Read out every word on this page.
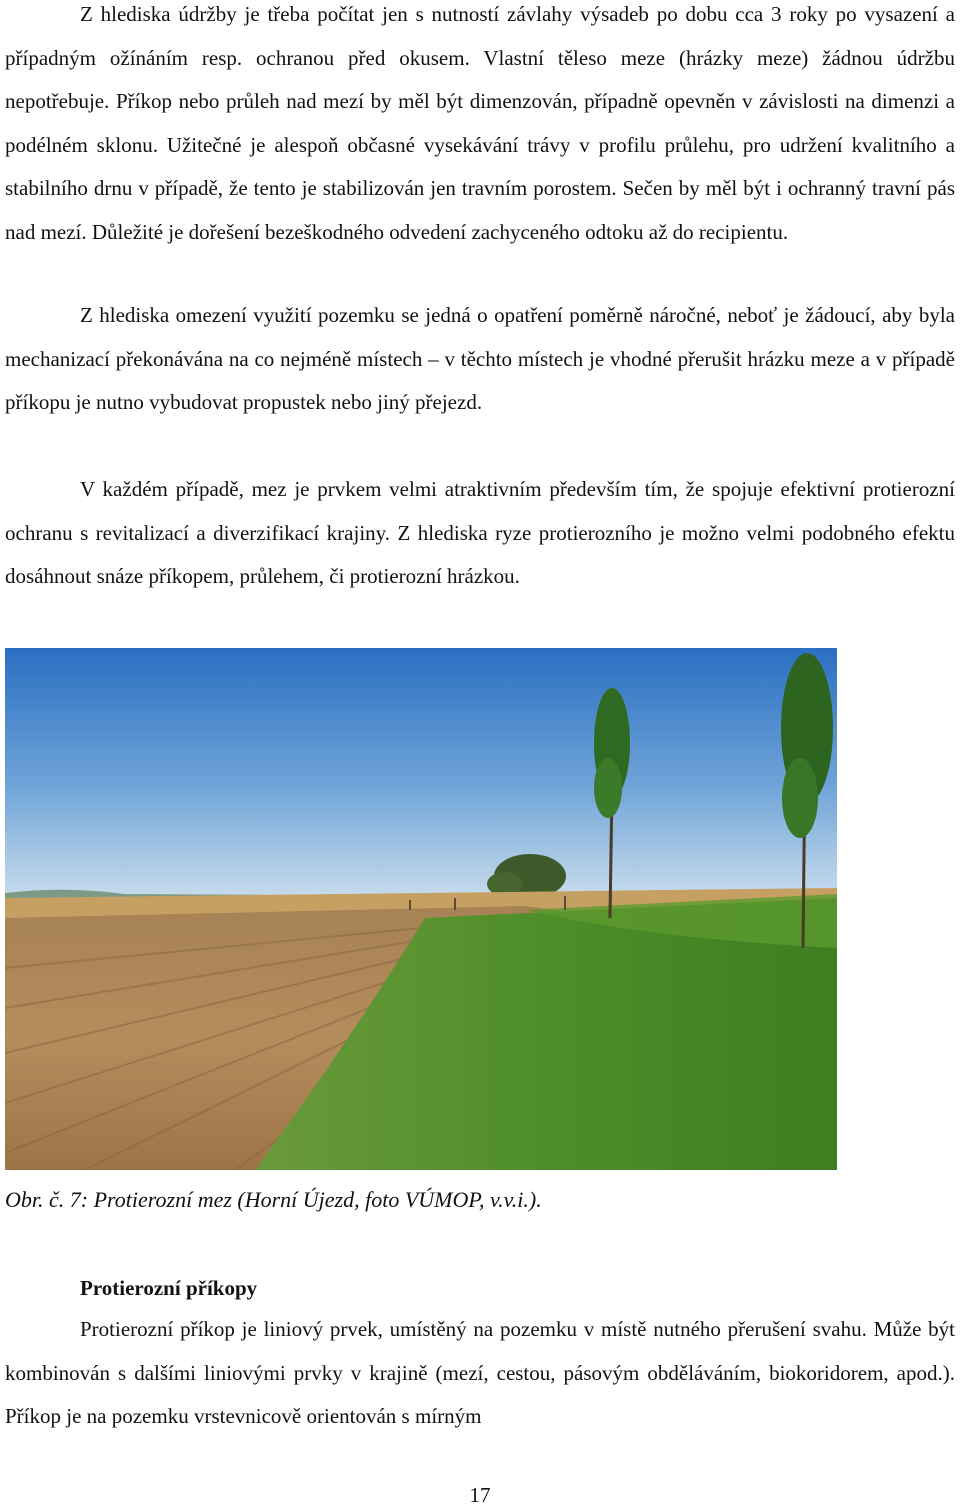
Z hlediska údržby je třeba počítat jen s nutností závlahy výsadeb po dobu cca 3 roky po vysazení a případným ožínáním resp. ochranou před okusem. Vlastní těleso meze (hrázky meze) žádnou údržbu nepotřebuje. Příkop nebo průleh nad mezí by měl být dimenzován, případně opevněn v závislosti na dimenzi a podélném sklonu. Užitečné je alespoň občasné vysekávání trávy v profilu průlehu, pro udržení kvalitního a stabilního drnu v případě, že tento je stabilizován jen travním porostem. Sečen by měl být i ochranný travní pás nad mezí. Důležité je dořešení bezeškodného odvedení zachyceného odtoku až do recipientu.

Z hlediska omezení využití pozemku se jedná o opatření poměrně náročné, neboť je žádoucí, aby byla mechanizací překonávána na co nejméně místech – v těchto místech je vhodné přerušit hrázku meze a v případě příkopu je nutno vybudovat propustek nebo jiný přejezd.

V každém případě, mez je prvkem velmi atraktivním především tím, že spojuje efektivní protierozní ochranu s revitalizací a diverzifikací krajiny. Z hlediska ryze protierozního je možno velmi podobného efektu dosáhnout snáze příkopem, průlehem, či protierozní hrázkou.

Obr. č. 7: Protierozní mez (Horní Újezd, foto VÚMOP, v.v.i.).

Protierozní příkopy

Protierozní příkop je liniový prvek, umístěný na pozemku v místě nutného přerušení svahu. Může být kombinován s dalšími liniovými prvky v krajině (mezí, cestou, pásovým obděláváním, biokoridorem, apod.). Příkop je na pozemku vrstevnicově orientován s mírným

17
